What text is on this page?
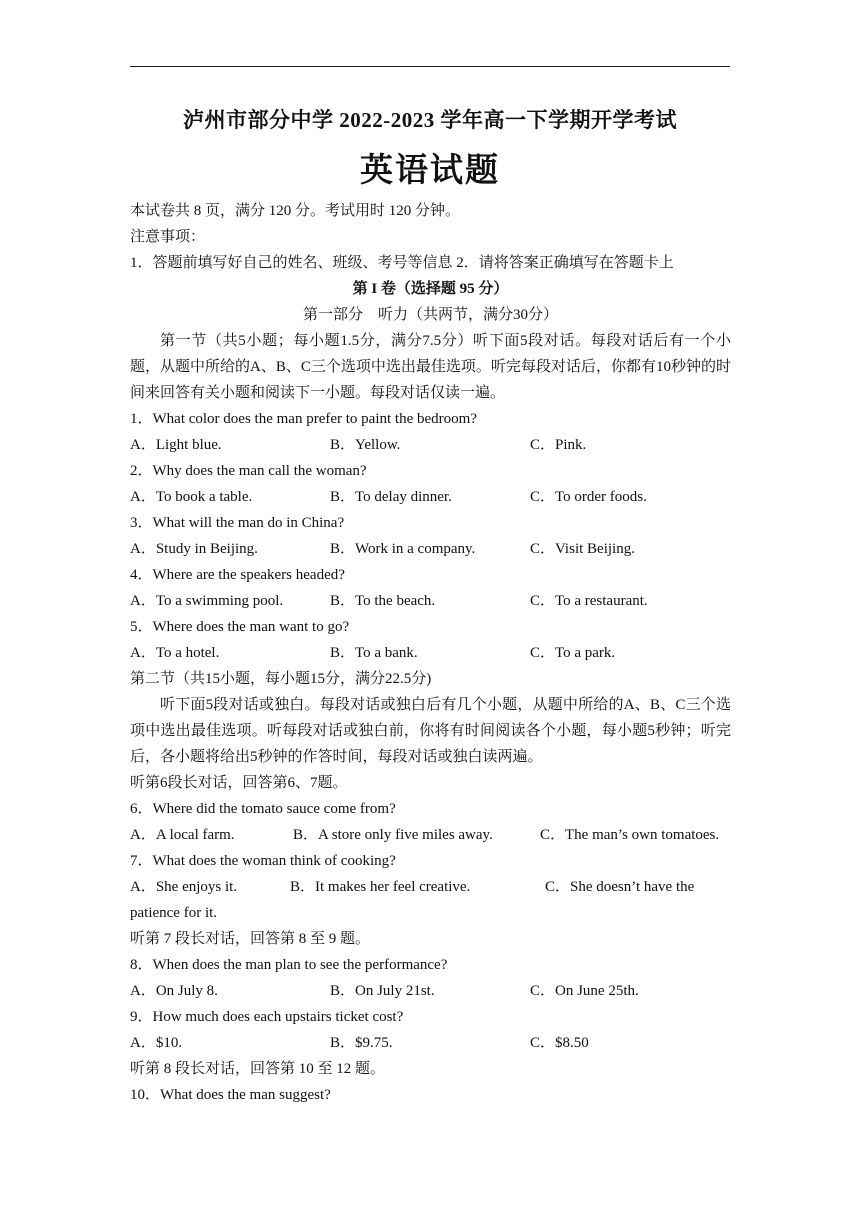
泸州市部分中学 2022-2023 学年高一下学期开学考试
英语试题
本试卷共 8 页，满分 120 分。考试用时 120 分钟。
注意事项：
1．答题前填写好自己的姓名、班级、考号等信息 2．请将答案正确填写在答题卡上
第 I 卷（选择题 95 分）
第一部分　听力（共两节，满分30分）
第一节（共5小题；每小题1.5分，满分7.5分）听下面5段对话。每段对话后有一个小题，从题中所给的A、B、C三个选项中选出最佳选项。听完每段对话后，你都有10秒钟的时间来回答有关小题和阅读下一小题。每段对话仅读一遍。
1．What color does the man prefer to paint the bedroom?
A．Light blue.	B．Yellow.	C．Pink.
2．Why does the man call the woman?
A．To book a table.	B．To delay dinner.	C．To order foods.
3．What will the man do in China?
A．Study in Beijing.	B．Work in a company.	C．Visit Beijing.
4．Where are the speakers headed?
A．To a swimming pool.	B．To the beach.	C．To a restaurant.
5．Where does the man want to go?
A．To a hotel.	B．To a bank.	C．To a park.
第二节（共15小题，每小题15分，满分22.5分)
听下面5段对话或独白。每段对话或独白后有几个小题，从题中所给的A、B、C三个选项中选出最佳选项。听每段对话或独白前，你将有时间阅读各个小题，每小题5秒钟；听完后，各小题将给出5秒钟的作答时间，每段对话或独白读两遍。
听第6段长对话，回答第6、7题。
6．Where did the tomato sauce come from?
A．A local farm.	B．A store only five miles away.	C．The man’s own tomatoes.
7．What does the woman think of cooking?
A．She enjoys it.	B．It makes her feel creative.	C．She doesn’t have the
patience for it.
听第 7 段长对话，回答第 8 至 9 题。
8．When does the man plan to see the performance?
A．On July 8.	B．On July 21st.	C．On June 25th.
9．How much does each upstairs ticket cost?
A．$10.	B．$9.75.	C．$8.50
听第 8 段长对话，回答第 10 至 12 题。
10．What does the man suggest?
